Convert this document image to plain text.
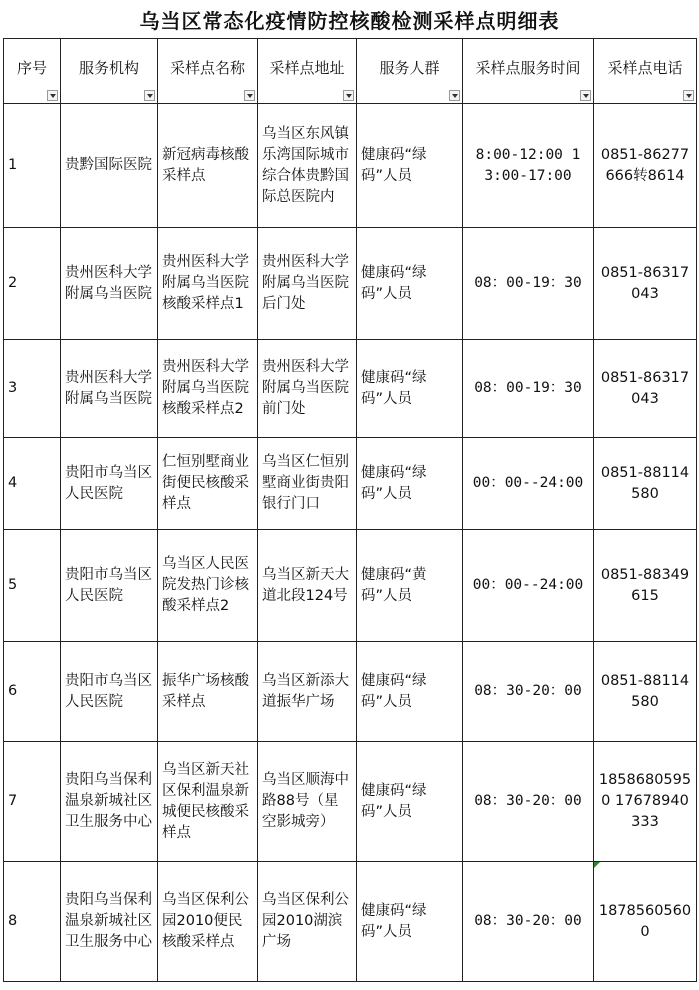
乌当区常态化疫情防控核酸检测采样点明细表
序号	服务机构	采样点名称	采样点地址	服务人群	采样点服务时间	采样点电话

1	贵黔国际医院	新冠病毒核酸采样点	乌当区东风镇乐湾国际城市综合体贵黔国际总医院内	健康码“绿码”人员	8:00-12:00 13:00-17:00	0851-86277666转8614
2	贵州医科大学附属乌当医院	贵州医科大学附属乌当医院核酸采样点1	贵州医科大学附属乌当医院后门处	健康码“绿码”人员	08：00-19：30	0851-86317043
3	贵州医科大学附属乌当医院	贵州医科大学附属乌当医院核酸采样点2	贵州医科大学附属乌当医院前门处	健康码“绿码”人员	08：00-19：30	0851-86317043
4	贵阳市乌当区人民医院	仁恒别墅商业街便民核酸采样点	乌当区仁恒别墅商业街贵阳银行门口	健康码“绿码”人员	00：00--24:00	0851-88114580
5	贵阳市乌当区人民医院	乌当区人民医院发热门诊核酸采样点2	乌当区新天大道北段124号	健康码“黄码”人员	00：00--24:00	0851-88349615
6	贵阳市乌当区人民医院	振华广场核酸采样点	乌当区新添大道振华广场	健康码“绿码”人员	08：30-20：00	0851-88114580
7	贵阳乌当保利温泉新城社区卫生服务中心	乌当区新天社区保利温泉新城便民核酸采样点	乌当区顺海中路88号（星空影城旁）	健康码“绿码”人员	08：30-20：00	18586805950 17678940333
8	贵阳乌当保利温泉新城社区卫生服务中心	乌当区保利公园2010便民核酸采样点	乌当区保利公园2010湖滨广场	健康码“绿码”人员	08：30-20：00	18785605600
